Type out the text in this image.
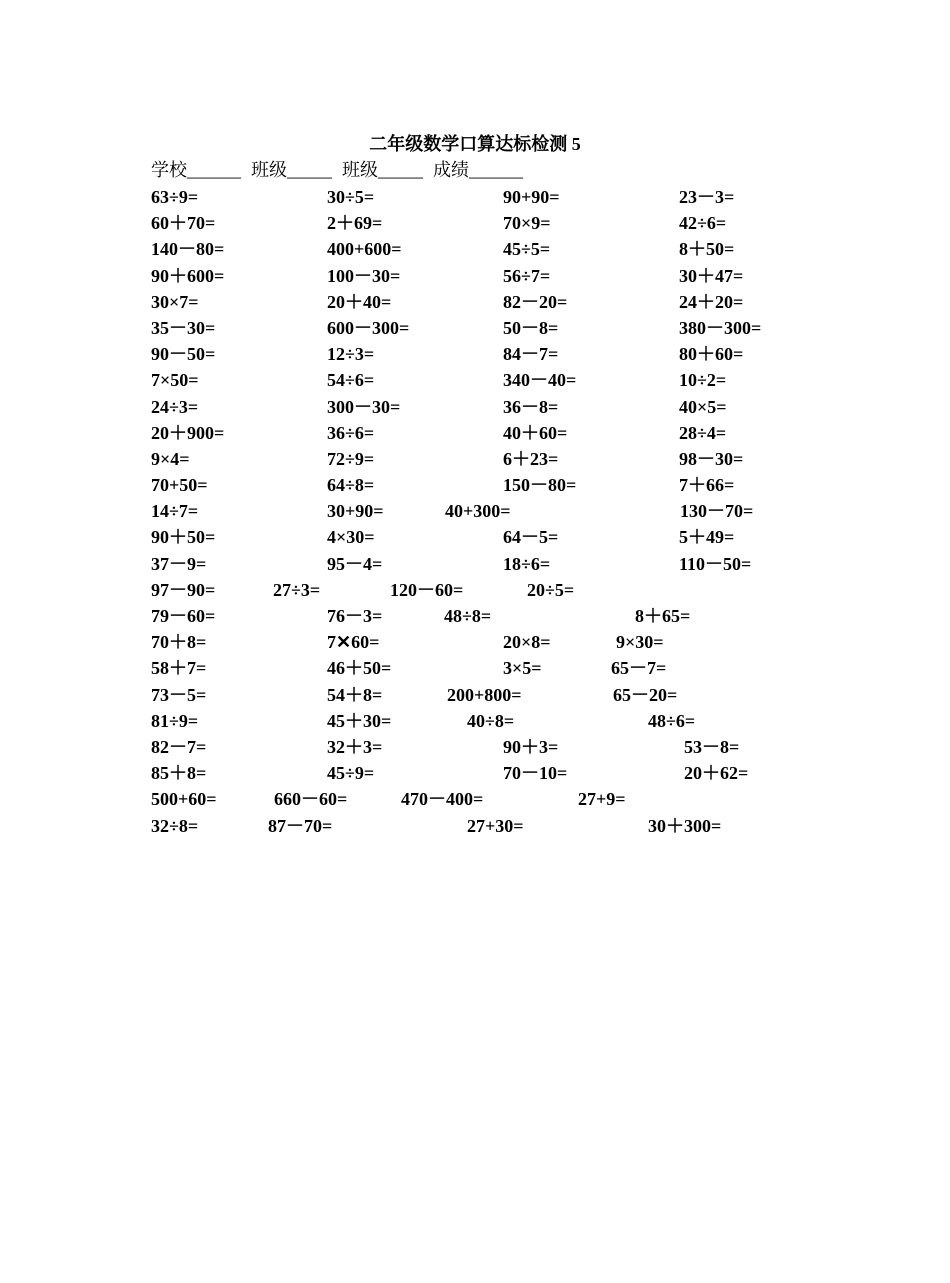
二年级数学口算达标检测 5
学校______ 班级_____ 班级_____ 成绩______
63÷9=	30÷5=	90+90=	23－3=
60＋70=	2＋69=	70×9=	42÷6=
140－80=	400+600=	45÷5=	8＋50=
90＋600=	100－30=	56÷7=	30＋47=
30×7=	20＋40=	82－20=	24＋20=
35－30=	600－300=	50－8=	380－300=
90－50=	12÷3=	84－7=	80＋60=
7×50=	54÷6=	340－40=	10÷2=
24÷3=	300－30=	36－8=	40×5=
20＋900=	36÷6=	40＋60=	28÷4=
9×4=	72÷9=	6＋23=	98－30=
70+50=	64÷8=	150－80=	7＋66=
14÷7=	30+90=	40+300=	130－70=
90＋50=	4×30=	64－5=	5＋49=
37－9=	95－4=	18÷6=	110－50=
97－90=	27÷3=	120－60=	20÷5=
79－60=	76－3=	48÷8=	8＋65=
70＋8=	7✕60=	20×8=	9×30=
58＋7=	46＋50=	3×5=	65－7=
73－5=	54＋8=	200+800=	65－20=
81÷9=	45＋30=	40÷8=	48÷6=
82－7=	32＋3=	90＋3=	53－8=
85＋8=	45÷9=	70－10=	20＋62=
500+60=	660－60=	470－400=	27+9=
32÷8=	87－70=	27+30=	30＋300=
